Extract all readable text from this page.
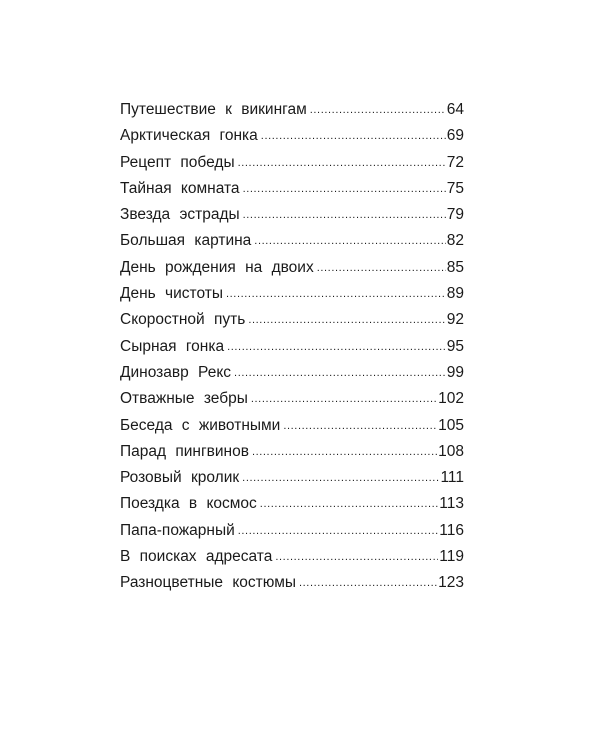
Путешествие к викингам .....	64
Арктическая гонка .....	69
Рецепт победы .....	72
Тайная комната .....	75
Звезда эстрады .....	79
Большая картина .....	82
День рождения на двоих .....	85
День чистоты .....	89
Скоростной путь .....	92
Сырная гонка .....	95
Динозавр Рекс .....	99
Отважные зебры .....	102
Беседа с животными .....	105
Парад пингвинов .....	108
Розовый кролик .....	111
Поездка в космос .....	113
Папа-пожарный .....	116
В поисках адресата .....	119
Разноцветные костюмы .....	123
